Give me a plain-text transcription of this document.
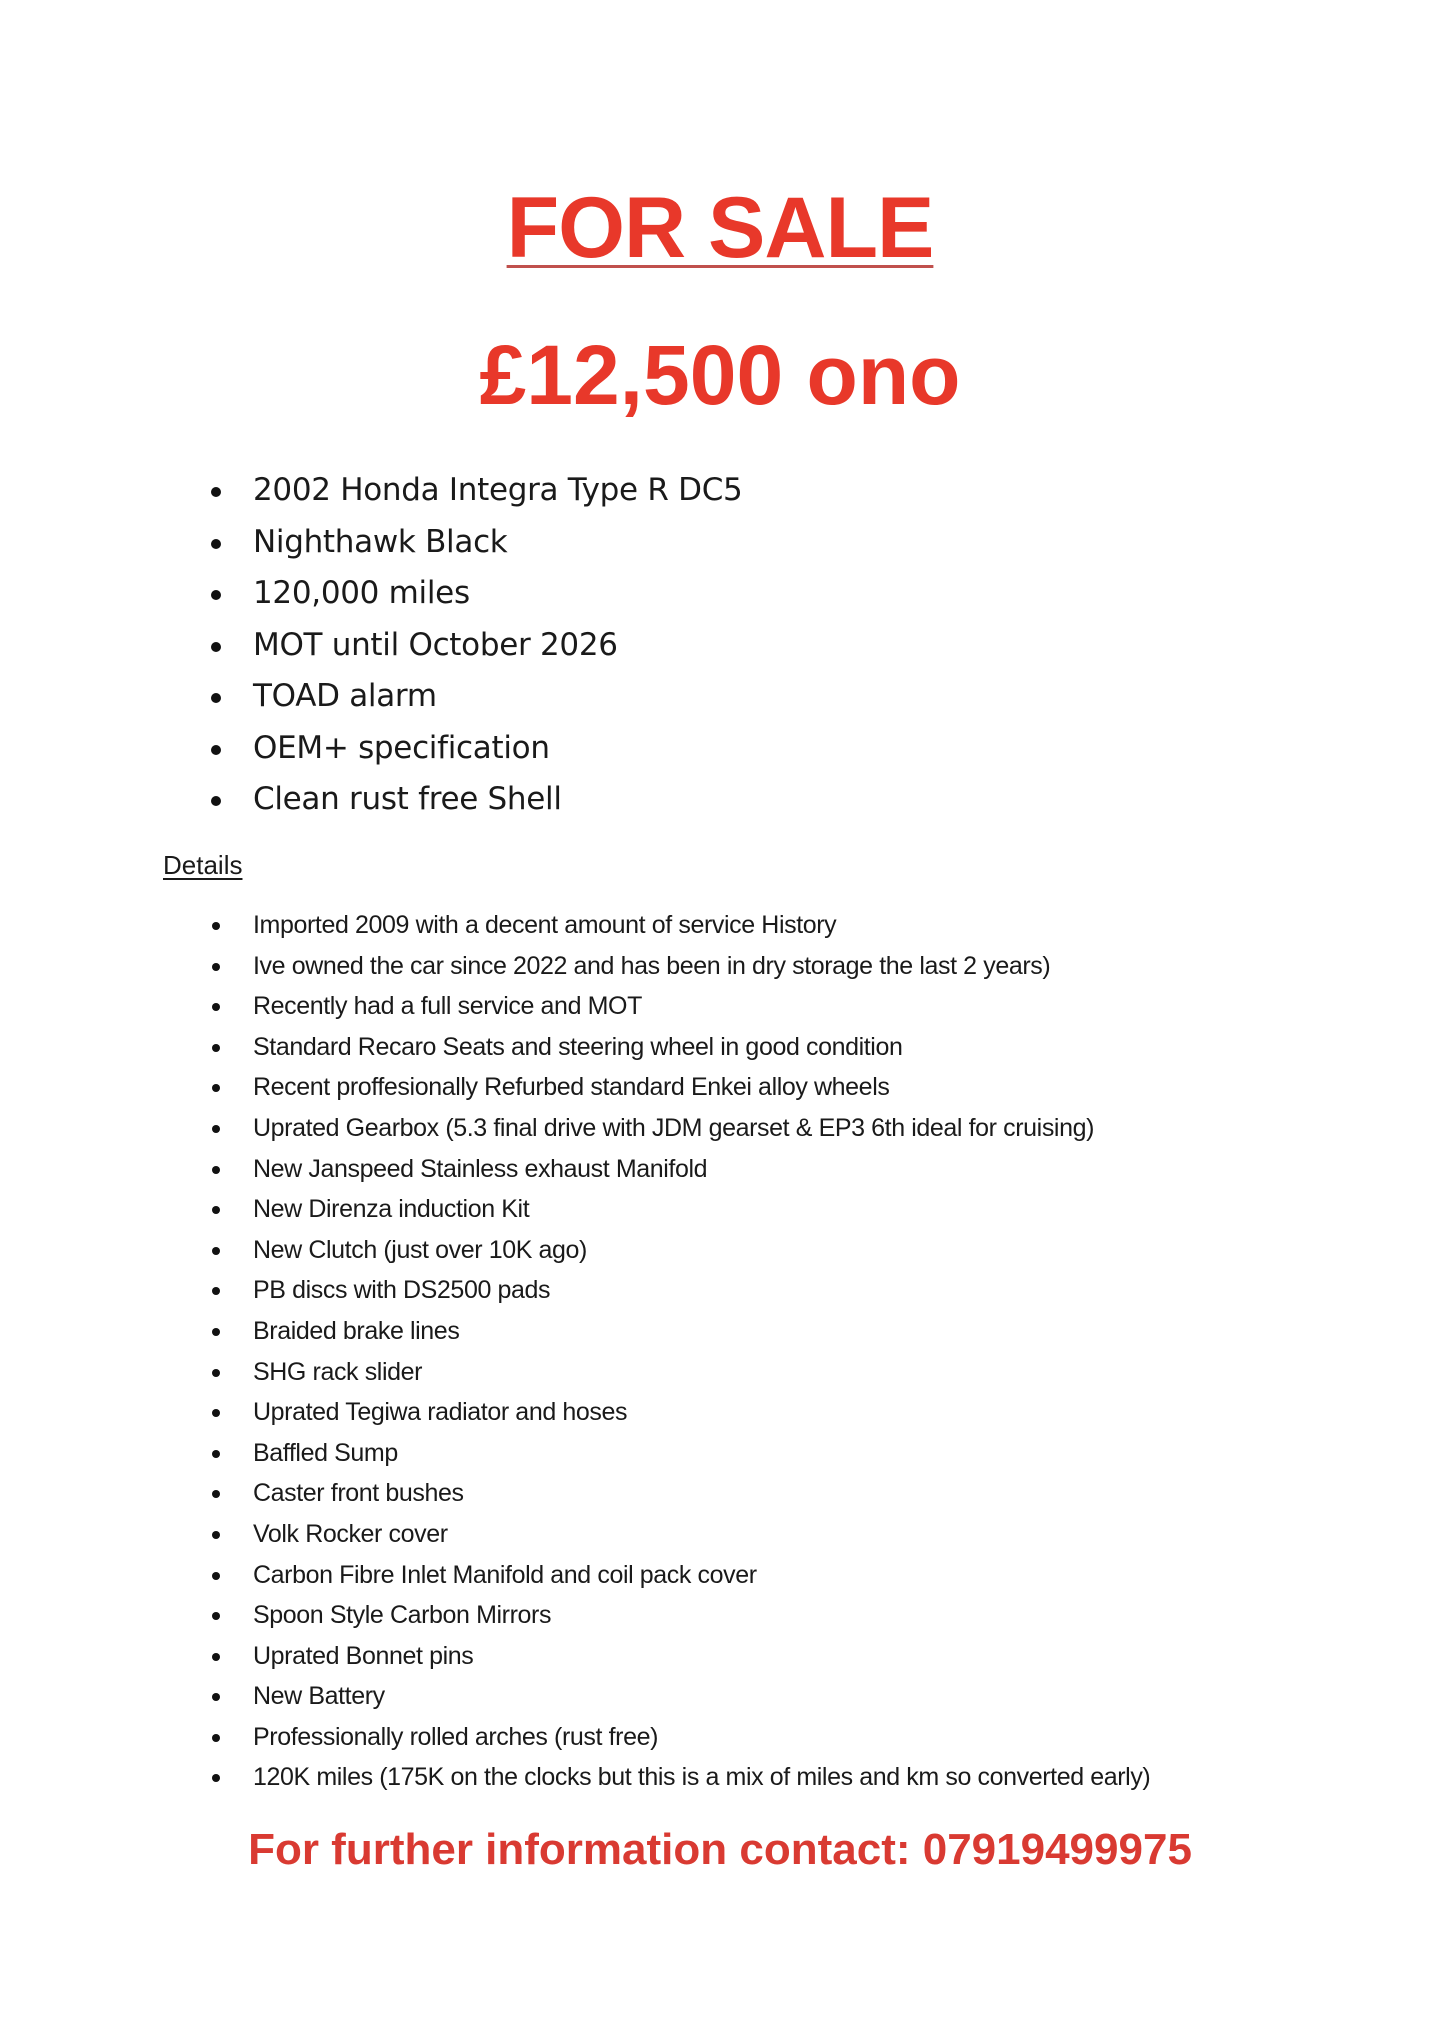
FOR SALE
£12,500 ono
2002 Honda Integra Type R DC5
Nighthawk Black
120,000 miles
MOT until October 2026
TOAD alarm
OEM+ specification
Clean rust free Shell
Details
Imported 2009 with a decent amount of service History
Ive owned the car since 2022 and has been in dry storage the last 2 years)
Recently had a full service and MOT
Standard Recaro Seats and steering wheel in good condition
Recent proffesionally Refurbed standard Enkei alloy wheels
Uprated Gearbox (5.3 final drive with JDM gearset & EP3 6th ideal for cruising)
New Janspeed Stainless exhaust Manifold
New Direnza induction Kit
New Clutch (just over 10K ago)
PB discs with DS2500 pads
Braided brake lines
SHG rack slider
Uprated Tegiwa radiator and hoses
Baffled Sump
Caster front bushes
Volk Rocker cover
Carbon Fibre Inlet Manifold and coil pack cover
Spoon Style Carbon Mirrors
Uprated Bonnet pins
New Battery
Professionally rolled arches (rust free)
120K miles (175K on the clocks but this is a mix of miles and km so converted early)
For further information contact: 07919499975
